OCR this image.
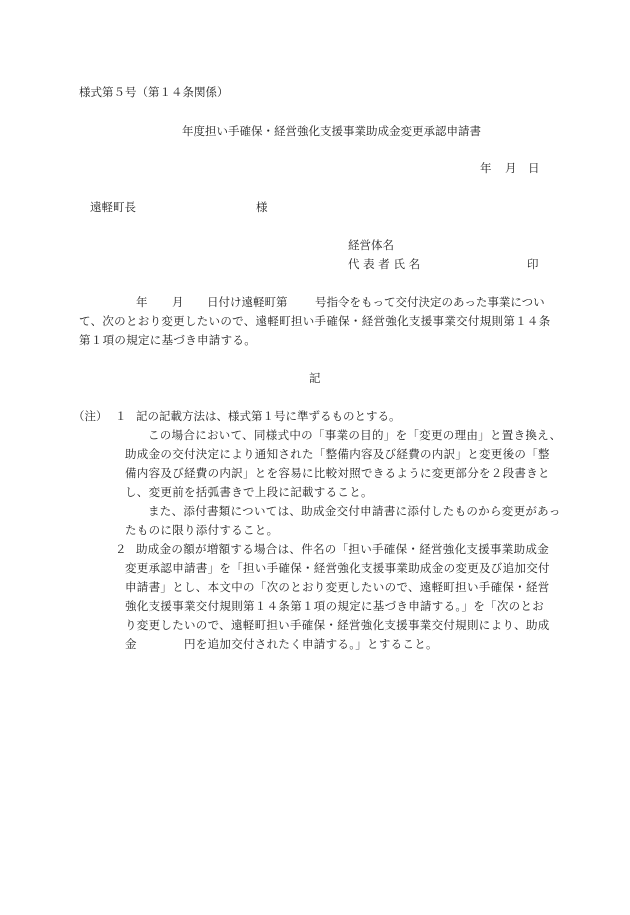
様式第５号（第１４条関係）
年度担い手確保・経営強化支援事業助成金変更承認申請書
年 月 日
遠軽町長	様
経営体名
代 表 者 氏 名	印
年 月 日付け遠軽町第 号指令をもって交付決定のあった事業につい
て、次のとおり変更したいので、遠軽町担い手確保・経営強化支援事業交付規則第１４条
第１項の規定に基づき申請する。
記
（注） １ 記の記載方法は、様式第１号に準ずるものとする。
この場合において、同様式中の「事業の目的」を「変更の理由」と置き換え、
助成金の交付決定により通知された「整備内容及び経費の内訳」と変更後の「整
備内容及び経費の内訳」とを容易に比較対照できるように変更部分を２段書きと
し、変更前を括弧書きで上段に記載すること。
また、添付書類については、助成金交付申請書に添付したものから変更があっ
たものに限り添付すること。
２ 助成金の額が増額する場合は、件名の「担い手確保・経営強化支援事業助成金
変更承認申請書」を「担い手確保・経営強化支援事業助成金の変更及び追加交付
申請書」とし、本文中の「次のとおり変更したいので、遠軽町担い手確保・経営
強化支援事業交付規則第１４条第１項の規定に基づき申請する。」を「次のとお
り変更したいので、遠軽町担い手確保・経営強化支援事業交付規則により、助成
金	円を追加交付されたく申請する。」とすること。
